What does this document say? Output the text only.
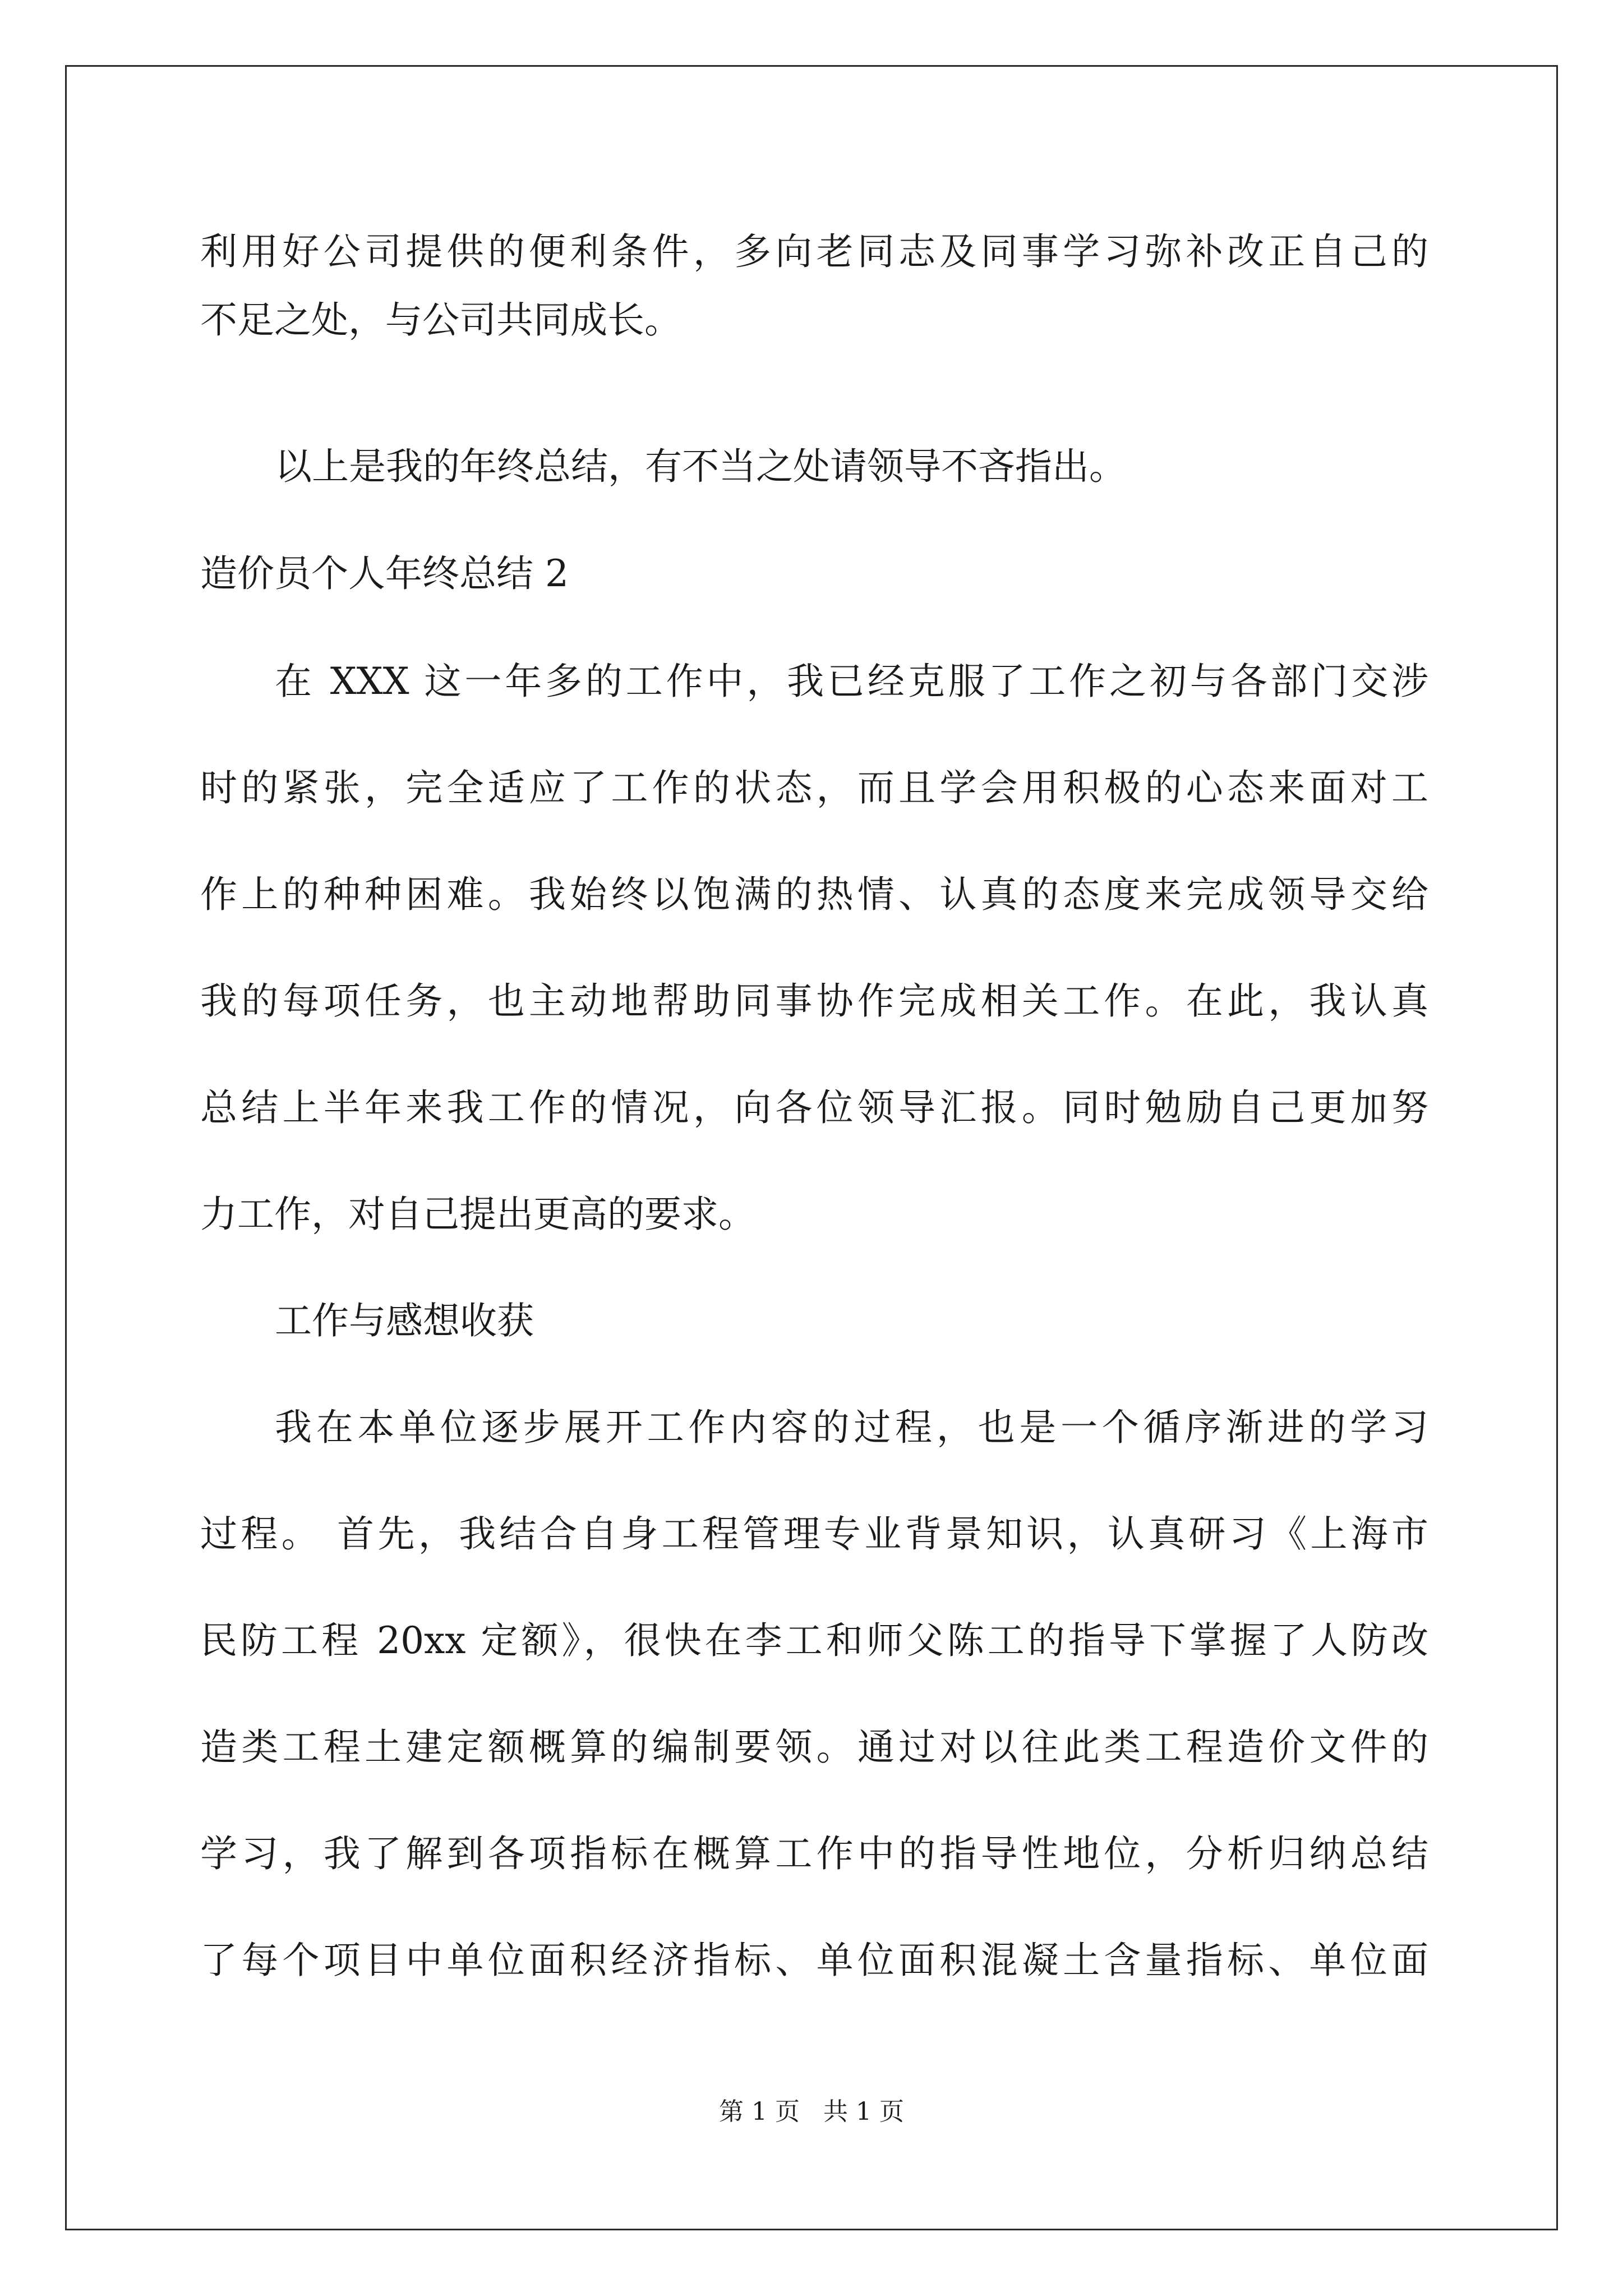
利用好公司提供的便利条件，多向老同志及同事学习弥补改正自己的
不足之处，与公司共同成长。
以上是我的年终总结，有不当之处请领导不吝指出。
造价员个人年终总结 2
在 XXX 这一年多的工作中，我已经克服了工作之初与各部门交涉
时的紧张，完全适应了工作的状态，而且学会用积极的心态来面对工
作上的种种困难。我始终以饱满的热情、认真的态度来完成领导交给
我的每项任务，也主动地帮助同事协作完成相关工作。在此，我认真
总结上半年来我工作的情况，向各位领导汇报。同时勉励自己更加努
力工作，对自己提出更高的要求。
工作与感想收获
我在本单位逐步展开工作内容的过程，也是一个循序渐进的学习
过程。 首先，我结合自身工程管理专业背景知识，认真研习《上海市
民防工程 20xx 定额》，很快在李工和师父陈工的指导下掌握了人防改
造类工程土建定额概算的编制要领。通过对以往此类工程造价文件的
学习，我了解到各项指标在概算工作中的指导性地位，分析归纳总结
了每个项目中单位面积经济指标、单位面积混凝土含量指标、单位面
第 1 页   共 1 页
